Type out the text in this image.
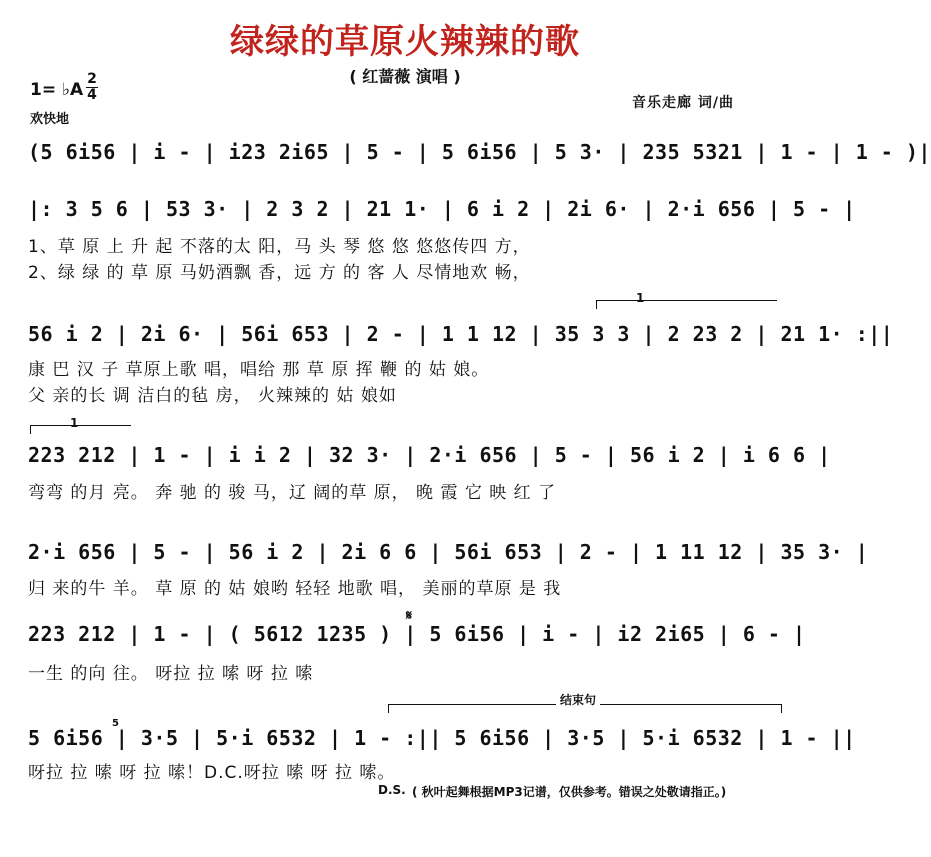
绿绿的草原火辣辣的歌
( 红蔷薇 演唱 )
1= ♭A
2
4
欢快地
音乐走廊 词/曲
(5 6i56 | i - | i23 2i65 | 5 - | 5 6i56 | 5 3· | 235 5321 | 1 - | 1 - )|
|: 3 5 6 | 53 3· | 2 3 2 | 21 1· | 6 i 2 | 2i 6· | 2·i 656 | 5 - |
1、草 原 上 升 起 不落的太 阳，马 头 琴 悠 悠 悠悠传四 方，
2、绿 绿 的 草 原 马奶酒飘 香，远 方 的 客 人 尽情地欢 畅，
1
56 i 2 | 2i 6· | 56i 653 | 2 - | 1 1 12 | 35 3 3 | 2 23 2 | 21 1· :||
康 巴 汉 子 草原上歌 唱，唱给 那 草 原 挥 鞭 的 姑 娘。
父 亲的长 调 洁白的毡 房， 火辣辣的 姑 娘如
1
223 212 | 1 - | i i 2 | 32 3· | 2·i 656 | 5 - | 56 i 2 | i 6 6 |
弯弯 的月 亮。 奔 驰 的 骏 马，辽 阔的草 原， 晚 霞 它 映 红 了
2·i 656 | 5 - | 56 i 2 | 2i 6 6 | 56i 653 | 2 - | 1 11 12 | 35 3· |
归 来的牛 羊。 草 原 的 姑 娘哟 轻轻 地歌 唱， 美丽的草原 是 我
𝄋
223 212 | 1 - | ( 5612 1235 ) | 5 6i56 | i - | i2 2i65 | 6 - |
一生 的向 往。 呀拉 拉 嗦 呀 拉 嗦
结束句
5
5 6i56 | 3·5 | 5·i 6532 | 1 - :|| 5 6i56 | 3·5 | 5·i 6532 | 1 - ||
呀拉 拉 嗦 呀 拉 嗦！D.C.呀拉 嗦 呀 拉 嗦。
D.S. ( 秋叶起舞根据MP3记谱，仅供参考。错误之处敬请指正。)
